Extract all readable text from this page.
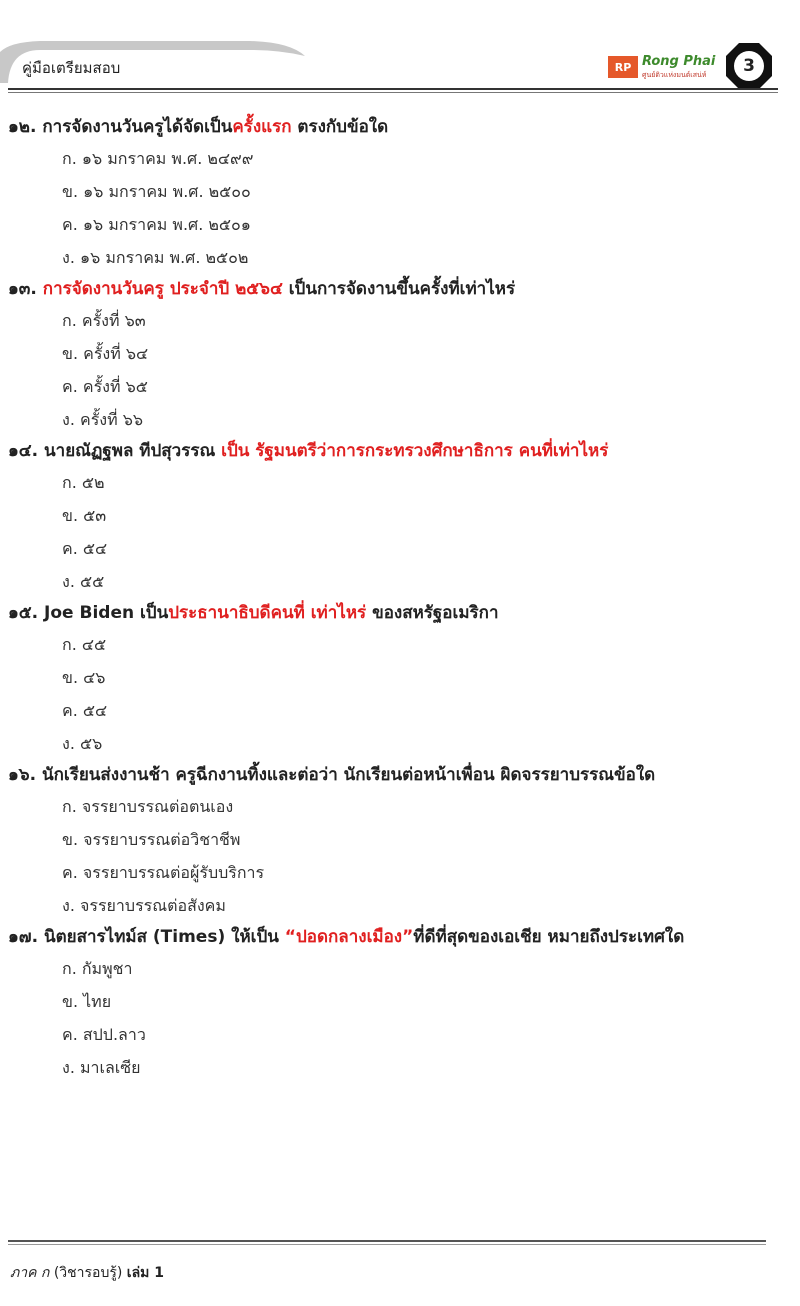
คู่มือเตรียมสอบ	RP Rong Phai
ศูนย์ติวแห่งมนต์เสน่ห์	3
๑๒. การจัดงานวันครูได้จัดเป็นครั้งแรก ตรงกับข้อใด
ก. ๑๖ มกราคม พ.ศ. ๒๔๙๙
ข. ๑๖ มกราคม พ.ศ. ๒๕๐๐
ค. ๑๖ มกราคม พ.ศ. ๒๕๐๑
ง. ๑๖ มกราคม พ.ศ. ๒๕๐๒
๑๓. การจัดงานวันครู ประจำปี ๒๕๖๔ เป็นการจัดงานขึ้นครั้งที่เท่าไหร่
ก. ครั้งที่ ๖๓
ข. ครั้งที่ ๖๔
ค. ครั้งที่ ๖๕
ง. ครั้งที่ ๖๖
๑๔. นายณัฏฐพล ทีปสุวรรณ เป็น รัฐมนตรีว่าการกระทรวงศึกษาธิการ คนที่เท่าไหร่
ก. ๕๒
ข. ๕๓
ค. ๕๔
ง. ๕๕
๑๕. Joe Biden เป็นประธานาธิบดีคนที่ เท่าไหร่ ของสหรัฐอเมริกา
ก. ๔๕
ข. ๔๖
ค. ๕๔
ง. ๕๖
๑๖. นักเรียนส่งงานช้า ครูฉีกงานทิ้งและต่อว่า นักเรียนต่อหน้าเพื่อน ผิดจรรยาบรรณข้อใด
ก. จรรยาบรรณต่อตนเอง
ข. จรรยาบรรณต่อวิชาชีพ
ค. จรรยาบรรณต่อผู้รับบริการ
ง. จรรยาบรรณต่อสังคม
๑๗. นิตยสารไทม์ส (Times) ให้เป็น “ปอดกลางเมือง”ที่ดีที่สุดของเอเชีย หมายถึงประเทศใด
ก. กัมพูชา
ข. ไทย
ค. สปป.ลาว
ง. มาเลเซีย
ภาค ก (วิชารอบรู้) เล่ม 1
